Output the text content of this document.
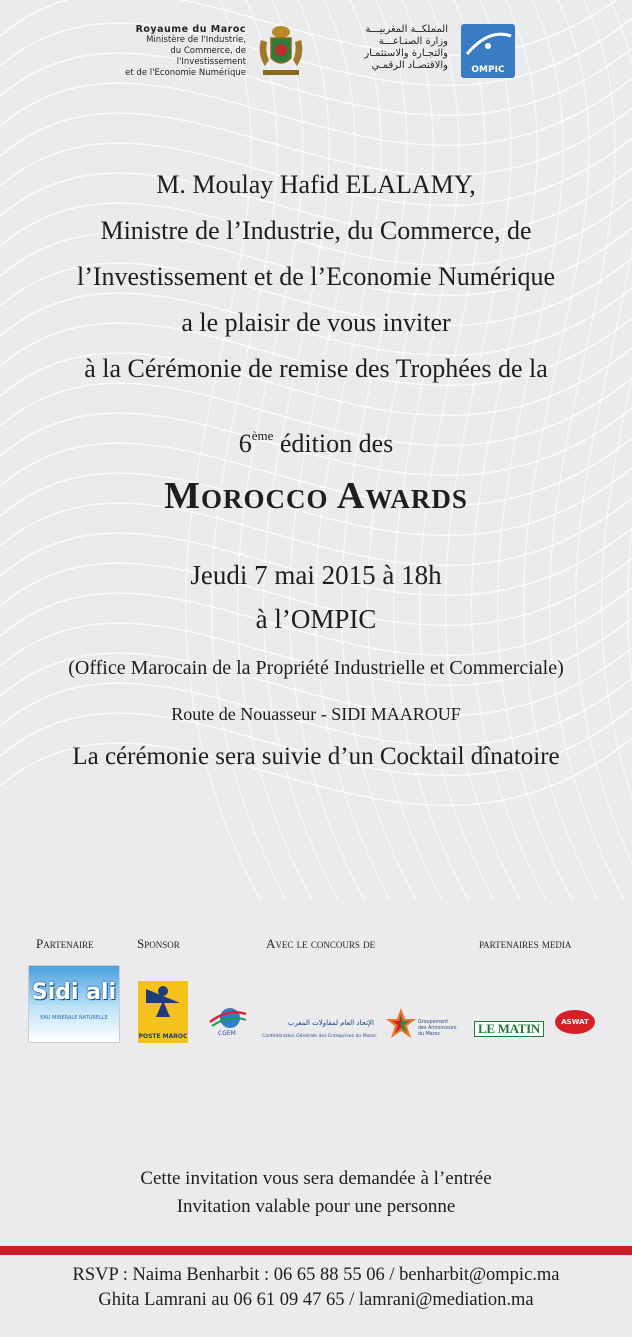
Royaume du Maroc
Ministère de l'Industrie,
du Commerce, de l'Investissement
et de l'Economie Numérique
المملكــة المغربيـــة
وزارة الصنـاعـــة
والتجـارة والاستثمـار
والاقتصـاد الرقمـي	OMPIC
M. Moulay Hafid ELALAMY,
Ministre de l’Industrie, du Commerce, de
l’Investissement et de l’Economie Numérique
a le plaisir de vous inviter
à la Cérémonie de remise des Trophées de la
6ème édition des
Morocco Awards
Jeudi 7 mai 2015 à 18h
à l’OMPIC
(Office Marocain de la Propriété Industrielle et Commerciale)
Route de Nouasseur - SIDI MAAROUF
La cérémonie sera suivie d’un Cocktail dînatoire
Partenaire	Sponsor	Avec le concours de	partenaires media
Sidi ali
EAU MINERALE NATURELLE
POSTE MAROC	CGEM
الإتحاد العام لمقاولات المغرب
Confédération Générale des Entreprises du Maroc
Groupement des Annonceurs du Maroc	LE MATIN	ASWAT
Cette invitation vous sera demandée à l’entrée
Invitation valable pour une personne
RSVP : Naima Benharbit : 06 65 88 55 06 / benharbit@ompic.ma
Ghita Lamrani au 06 61 09 47 65 / lamrani@mediation.ma
